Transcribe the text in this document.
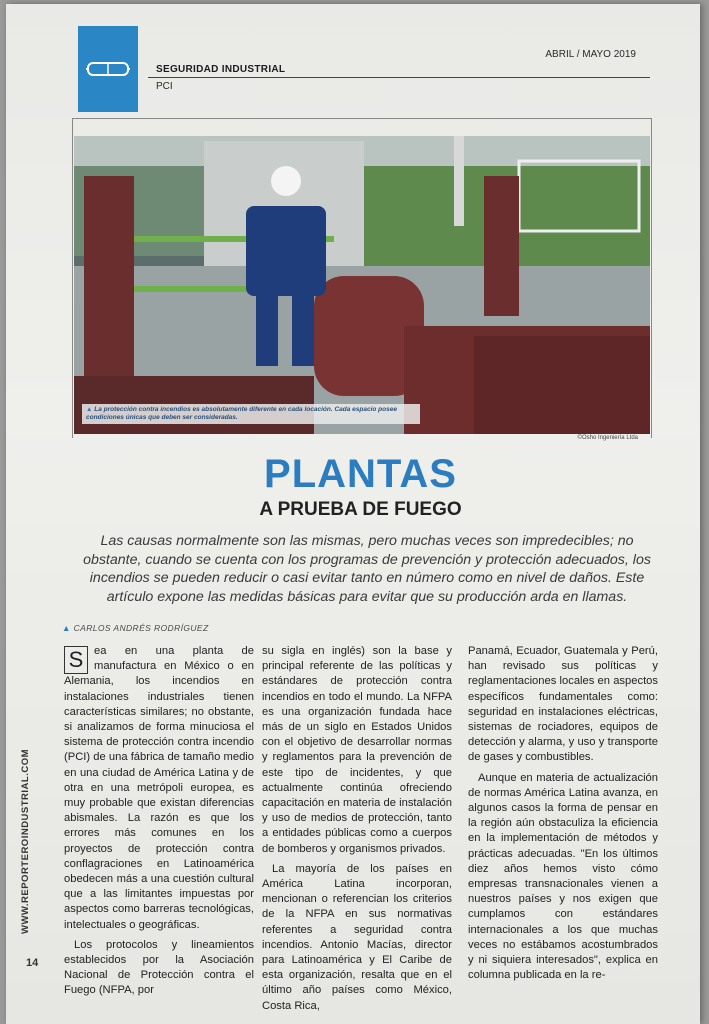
SEGURIDAD INDUSTRIAL
PCI
ABRIL / MAYO 2019
▲ La protección contra incendios es absolutamente diferente en cada locación. Cada espacio posee condiciones únicas que deben ser consideradas.
©Osho Ingeniería Ltda
PLANTAS
A PRUEBA DE FUEGO
Las causas normalmente son las mismas, pero muchas veces son impredecibles; no obstante, cuando se cuenta con los programas de prevención y protección adecuados, los incendios se pueden reducir o casi evitar tanto en número como en nivel de daños. Este artículo expone las medidas básicas para evitar que su producción arda en llamas.
▲ CARLOS ANDRÉS RODRÍGUEZ

S ea en una planta de manufactura en México o en Alemania, los incendios en instalaciones industriales tienen características similares; no obstante, si analizamos de forma minuciosa el sistema de protección contra incendio (PCI) de una fábrica de tamaño medio en una ciudad de América Latina y de otra en una metrópoli europea, es muy probable que existan diferencias abismales. La razón es que los errores más comunes en los proyectos de protección contra conflagraciones en Latinoamérica obedecen más a una cuestión cultural que a las limitantes impuestas por aspectos como barreras tecnológicas, intelectuales o geográficas.

Los protocolos y lineamientos establecidos por la Asociación Nacional de Protección contra el Fuego (NFPA, por

su sigla en inglés) son la base y principal referente de las políticas y estándares de protección contra incendios en todo el mundo. La NFPA es una organización fundada hace más de un siglo en Estados Unidos con el objetivo de desarrollar normas y reglamentos para la prevención de este tipo de incidentes, y que actualmente continúa ofreciendo capacitación en materia de instalación y uso de medios de protección, tanto a entidades públicas como a cuerpos de bomberos y organismos privados.

La mayoría de los países en América Latina incorporan, mencionan o referencian los criterios de la NFPA en sus normativas referentes a seguridad contra incendios. Antonio Macías, director para Latinoamérica y El Caribe de esta organización, resalta que en el último año países como México, Costa Rica,

Panamá, Ecuador, Guatemala y Perú, han revisado sus políticas y reglamentaciones locales en aspectos específicos fundamentales como: seguridad en instalaciones eléctricas, sistemas de rociadores, equipos de detección y alarma, y uso y transporte de gases y combustibles.

Aunque en materia de actualización de normas América Latina avanza, en algunos casos la forma de pensar en la región aún obstaculiza la eficiencia en la implementación de métodos y prácticas adecuadas. "En los últimos diez años hemos visto cómo empresas transnacionales vienen a nuestros países y nos exigen que cumplamos con estándares internacionales a los que muchas veces no estábamos acostumbrados y ni siquiera interesados", explica en columna publicada en la re-

WWW.REPORTEROINDUSTRIAL.COM
14
